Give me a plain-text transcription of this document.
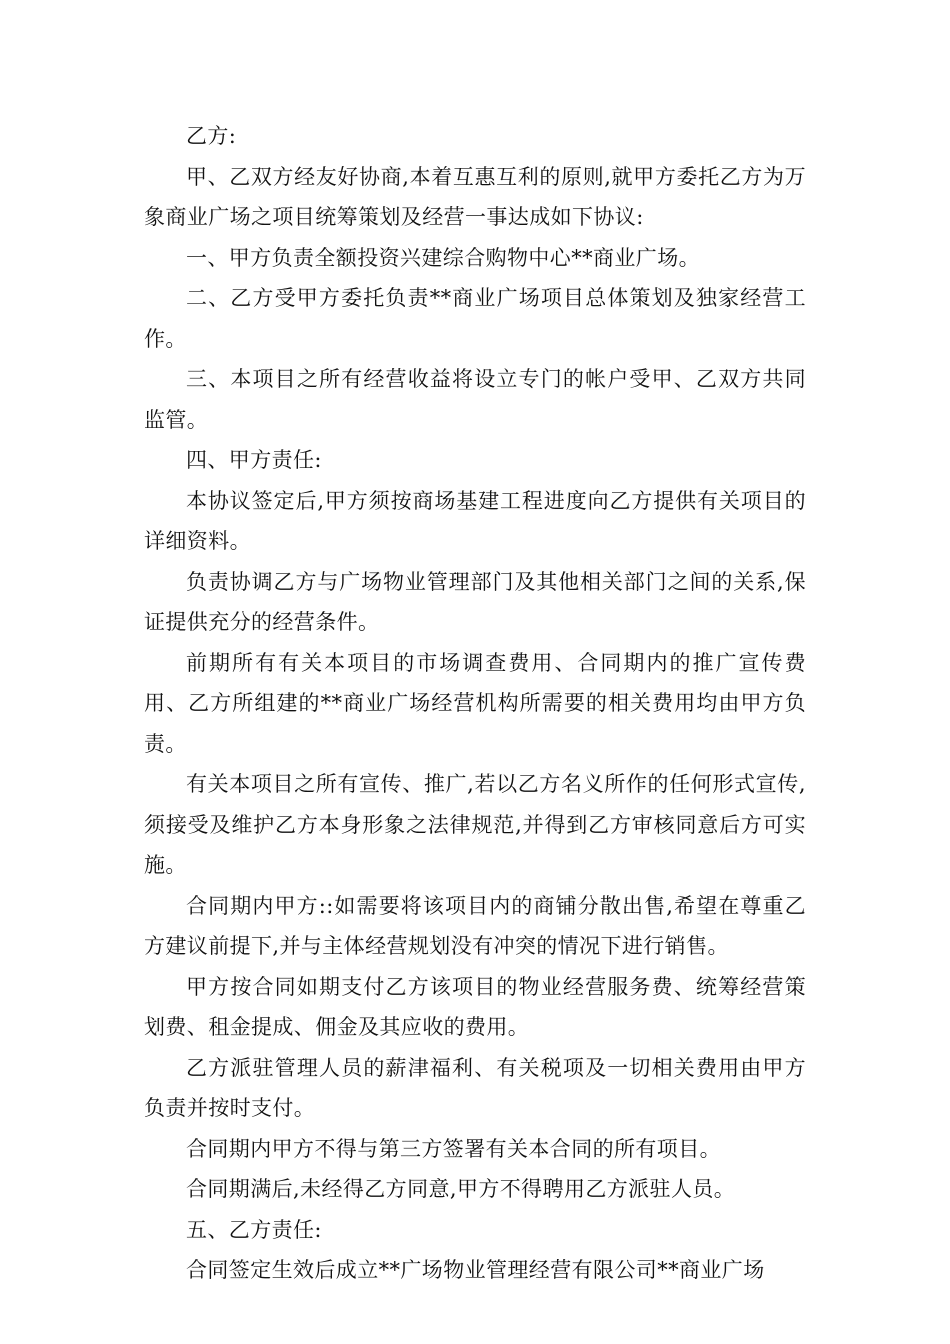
乙方:

甲、乙双方经友好协商,本着互惠互利的原则,就甲方委托乙方为万象商业广场之项目统筹策划及经营一事达成如下协议:

一、甲方负责全额投资兴建综合购物中心**商业广场。

二、乙方受甲方委托负责**商业广场项目总体策划及独家经营工作。

三、本项目之所有经营收益将设立专门的帐户受甲、乙双方共同监管。

四、甲方责任:

本协议签定后,甲方须按商场基建工程进度向乙方提供有关项目的详细资料。

负责协调乙方与广场物业管理部门及其他相关部门之间的关系,保证提供充分的经营条件。

前期所有有关本项目的市场调查费用、合同期内的推广宣传费用、乙方所组建的**商业广场经营机构所需要的相关费用均由甲方负责。

有关本项目之所有宣传、推广,若以乙方名义所作的任何形式宣传,须接受及维护乙方本身形象之法律规范,并得到乙方审核同意后方可实施。

合同期内甲方::如需要将该项目内的商铺分散出售,希望在尊重乙方建议前提下,并与主体经营规划没有冲突的情况下进行销售。

甲方按合同如期支付乙方该项目的物业经营服务费、统筹经营策划费、租金提成、佣金及其应收的费用。

乙方派驻管理人员的薪津福利、有关税项及一切相关费用由甲方负责并按时支付。

合同期内甲方不得与第三方签署有关本合同的所有项目。

合同期满后,未经得乙方同意,甲方不得聘用乙方派驻人员。

五、乙方责任:

合同签定生效后成立**广场物业管理经营有限公司**商业广场
